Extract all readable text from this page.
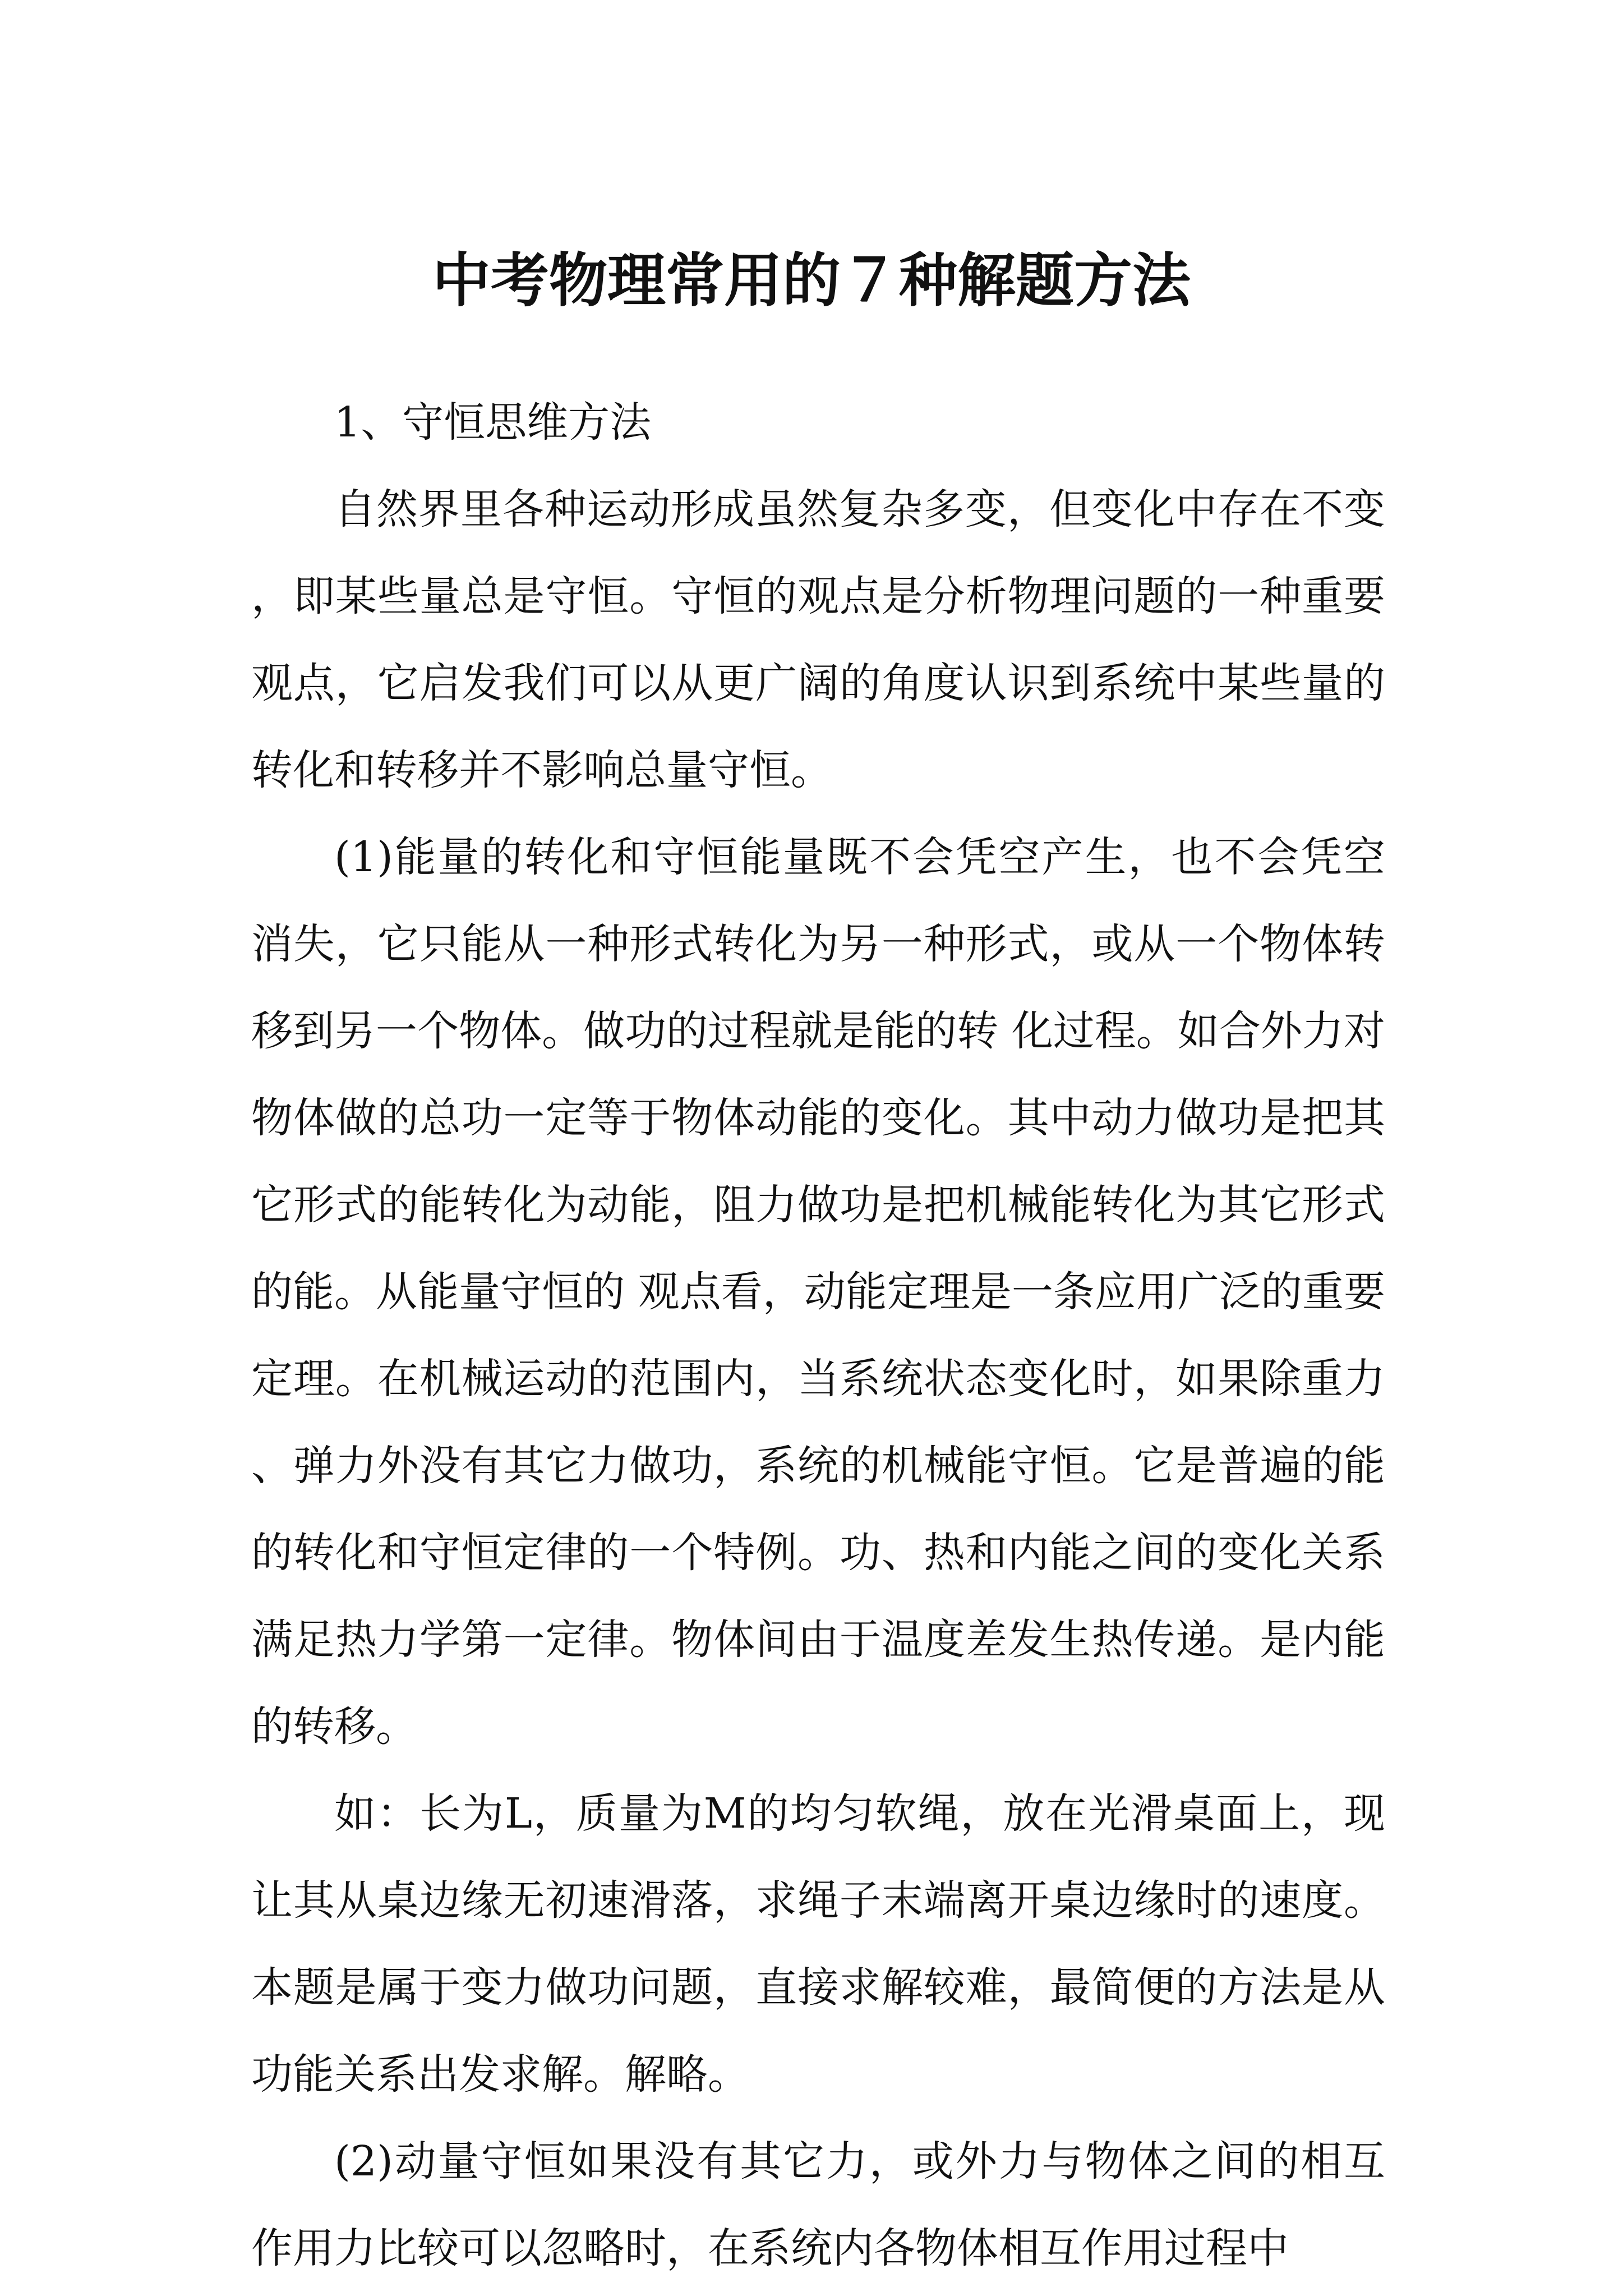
中考物理常用的７种解题方法

1、守恒思维方法

自然界里各种运动形成虽然复杂多变，但变化中存在不变，即某些量总是守恒。守恒的观点是分析物理问题的一种重要观点，它启发我们可以从更广阔的角度认识到系统中某些量的转化和转移并不影响总量守恒。

(1)能量的转化和守恒能量既不会凭空产生，也不会凭空消失，它只能从一种形式转化为另一种形式，或从一个物体转移到另一个物体。做功的过程就是能的转 化过程。如合外力对物体做的总功一定等于物体动能的变化。其中动力做功是把其它形式的能转化为动能，阻力做功是把机械能转化为其它形式的能。从能量守恒的 观点看，动能定理是一条应用广泛的重要定理。在机械运动的范围内，当系统状态变化时，如果除重力、弹力外没有其它力做功，系统的机械能守恒。它是普遍的能 的转化和守恒定律的一个特例。功、热和内能之间的变化关系满足热力学第一定律。物体间由于温度差发生热传递。是内能的转移。

如：长为L，质量为M的均匀软绳，放在光滑桌面上，现让其从桌边缘无初速滑落，求绳子末端离开桌边缘时的速度。本题是属于变力做功问题，直接求解较难，最简便的方法是从功能关系出发求解。解略。

(2)动量守恒如果没有其它力，或外力与物体之间的相互作用力比较可以忽略时，在系统内各物体相互作用过程中
